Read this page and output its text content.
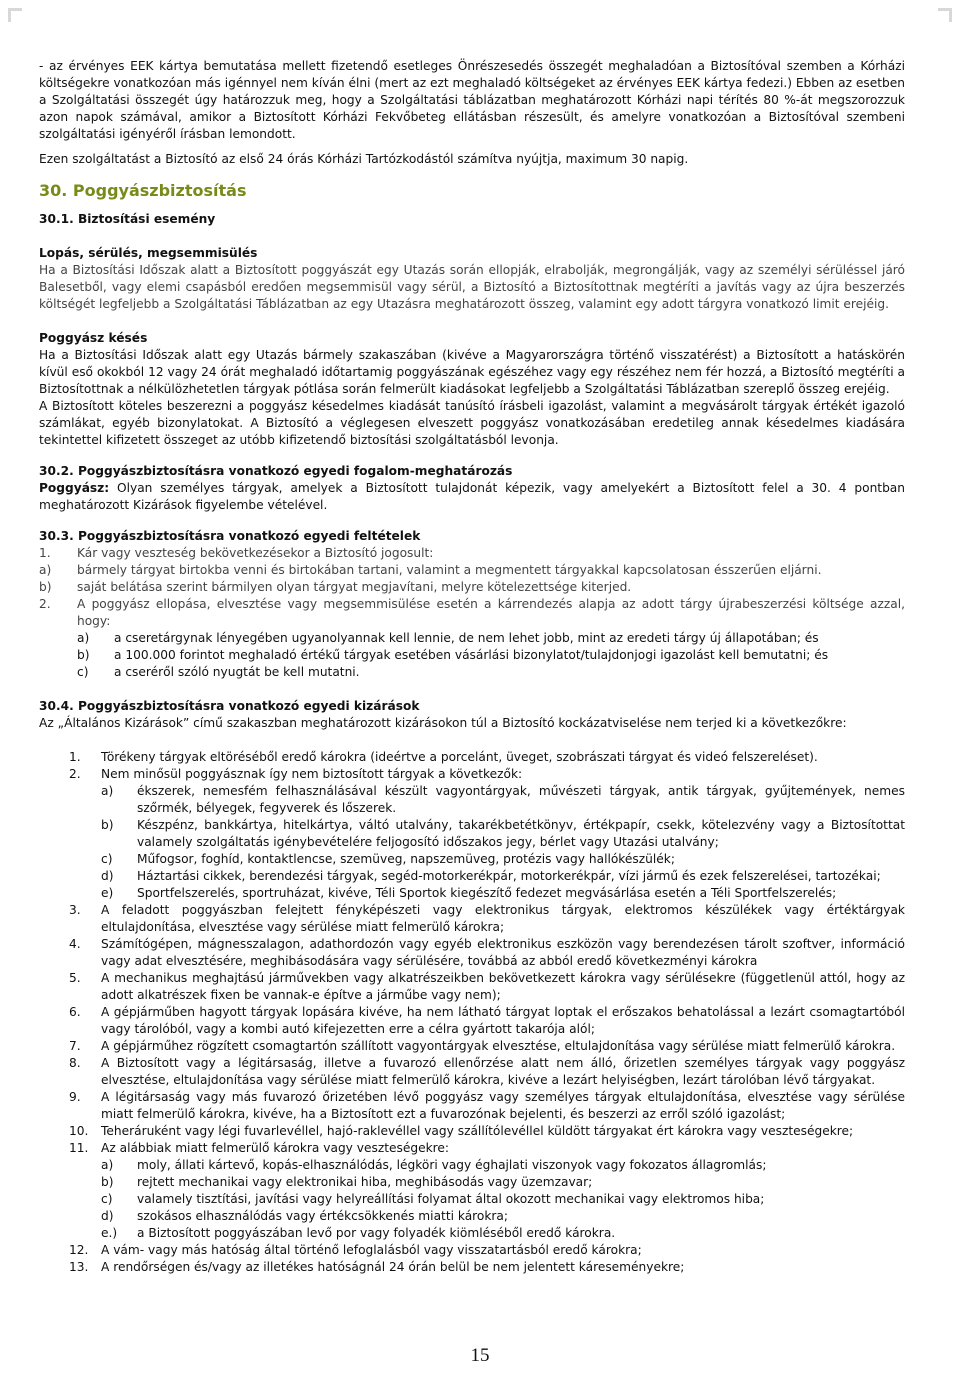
- az érvényes EEK kártya bemutatása mellett fizetendő esetleges Önrészesedés összegét meghaladóan a Biztosítóval szemben a Kórházi költségekre vonatkozóan más igénnyel nem kíván élni (mert az ezt meghaladó költségeket az érvényes EEK kártya fedezi.) Ebben az esetben a Szolgáltatási összegét úgy határozzuk meg, hogy a Szolgáltatási táblázatban meghatározott Kórházi napi térítés 80 %-át megszorozzuk azon napok számával, amikor a Biztosított Kórházi Fekvőbeteg ellátásban részesült, és amelyre vonatkozóan a Biztosítóval szembeni szolgáltatási igényéről írásban lemondott.

Ezen szolgáltatást a Biztosító az első 24 órás Kórházi Tartózkodástól számítva nyújtja, maximum 30 napig.

30. Poggyászbiztosítás
30.1. Biztosítási esemény
Lopás, sérülés, megsemmisülés

Ha a Biztosítási Időszak alatt a Biztosított poggyászát egy Utazás során ellopják, elrabolják, megrongálják, vagy az személyi sérüléssel járó Balesetből, vagy elemi csapásból eredően megsemmisül vagy sérül, a Biztosító a Biztosítottnak megtéríti a javítás vagy az újra beszerzés költségét legfeljebb a Szolgáltatási Táblázatban az egy Utazásra meghatározott összeg, valamint egy adott tárgyra vonatkozó limit erejéig.

Poggyász késés

Ha a Biztosítási Időszak alatt egy Utazás bármely szakaszában (kivéve a Magyarországra történő visszatérést) a Biztosított a hatáskörén kívül eső okokból 12 vagy 24 órát meghaladó időtartamig poggyászának egészéhez vagy egy részéhez nem fér hozzá, a Biztosító megtéríti a Biztosítottnak a nélkülözhetetlen tárgyak pótlása során felmerült kiadásokat legfeljebb a Szolgáltatási Táblázatban szereplő összeg erejéig.

A Biztosított köteles beszerezni a poggyász késedelmes kiadását tanúsító írásbeli igazolást, valamint a megvásárolt tárgyak értékét igazoló számlákat, egyéb bizonylatokat. A Biztosító a véglegesen elveszett poggyász vonatkozásában eredetileg annak késedelmes kiadására tekintettel kifizetett összeget az utóbb kifizetendő biztosítási szolgáltatásból levonja.

30.2. Poggyászbiztosításra vonatkozó egyedi fogalom-meghatározás

Poggyász: Olyan személyes tárgyak, amelyek a Biztosított tulajdonát képezik, vagy amelyekért a Biztosított felel a 30. 4 pontban meghatározott Kizárások figyelembe vételével.

30.3. Poggyászbiztosításra vonatkozó egyedi feltételek
1.	Kár vagy veszteség bekövetkezésekor a Biztosító jogosult:
a)	bármely tárgyat birtokba venni és birtokában tartani, valamint a megmentett tárgyakkal kapcsolatosan ésszerűen eljárni.
b)	saját belátása szerint bármilyen olyan tárgyat megjavítani, melyre kötelezettsége kiterjed.
2.	A poggyász ellopása, elvesztése vagy megsemmisülése esetén a kárrendezés alapja az adott tárgy újrabeszerzési költsége azzal, hogy:
a)	a cseretárgynak lényegében ugyanolyannak kell lennie, de nem lehet jobb, mint az eredeti tárgy új állapotában; és
b)	a 100.000 forintot meghaladó értékű tárgyak esetében vásárlási bizonylatot/tulajdonjogi igazolást kell bemutatni; és
c)	a cseréről szóló nyugtát be kell mutatni.
30.4. Poggyászbiztosításra vonatkozó egyedi kizárások

Az „Általános Kizárások” című szakaszban meghatározott kizárásokon túl a Biztosító kockázatviselése nem terjed ki a következőkre:

1.	Törékeny tárgyak eltöréséből eredő károkra (ideértve a porcelánt, üveget, szobrászati tárgyat és videó felszereléset).
2.	Nem minősül poggyásznak így nem biztosított tárgyak a következők:
a)	ékszerek, nemesfém felhasználásával készült vagyontárgyak, művészeti tárgyak, antik tárgyak, gyűjtemények, nemes szőrmék, bélyegek, fegyverek és lőszerek.
b)	Készpénz, bankkártya, hitelkártya, váltó utalvány, takarékbetétkönyv, értékpapír, csekk, kötelezvény vagy a Biztosítottat valamely szolgáltatás igénybevételére feljogosító időszakos jegy, bérlet vagy Utazási utalvány;
c)	Műfogsor, foghíd, kontaktlencse, szemüveg, napszemüveg, protézis vagy hallókészülék;
d)	Háztartási cikkek, berendezési tárgyak, segéd-motorkerékpár, motorkerékpár, vízi jármű és ezek felszerelései, tartozékai;
e)	Sportfelszerelés, sportruházat, kivéve, Téli Sportok kiegészítő fedezet megvásárlása esetén a Téli Sportfelszerelés;
3.	A feladott poggyászban felejtett fényképészeti vagy elektronikus tárgyak, elektromos készülékek vagy értéktárgyak eltulajdonítása, elvesztése vagy sérülése miatt felmerülő károkra;
4.	Számítógépen, mágnesszalagon, adathordozón vagy egyéb elektronikus eszközön vagy berendezésen tárolt szoftver, információ vagy adat elvesztésére, meghibásodására vagy sérülésére, továbbá az abból eredő következményi károkra
5.	A mechanikus meghajtású járművekben vagy alkatrészeikben bekövetkezett károkra vagy sérülésekre (függetlenül attól, hogy az adott alkatrészek fixen be vannak-e építve a járműbe vagy nem);
6.	A gépjárműben hagyott tárgyak lopására kivéve, ha nem látható tárgyat loptak el erőszakos behatolással a lezárt csomagtartóból vagy tárolóból, vagy a kombi autó kifejezetten erre a célra gyártott takarója alól;
7.	A gépjárműhez rögzített csomagtartón szállított vagyontárgyak elvesztése, eltulajdonítása vagy sérülése miatt felmerülő károkra.
8.	A Biztosított vagy a légitársaság, illetve a fuvarozó ellenőrzése alatt nem álló, őrizetlen személyes tárgyak vagy poggyász elvesztése, eltulajdonítása vagy sérülése miatt felmerülő károkra, kivéve a lezárt helyiségben, lezárt tárolóban lévő tárgyakat.
9.	A légitársaság vagy más fuvarozó őrizetében lévő poggyász vagy személyes tárgyak eltulajdonítása, elvesztése vagy sérülése miatt felmerülő károkra, kivéve, ha a Biztosított ezt a fuvarozónak bejelenti, és beszerzi az erről szóló igazolást;
10.	Teheráruként vagy légi fuvarlevéllel, hajó-raklevéllel vagy szállítólevéllel küldött tárgyakat ért károkra vagy veszteségekre;
11.	Az alábbiak miatt felmerülő károkra vagy veszteségekre:
a)	moly, állati kártevő, kopás-elhasználódás, légköri vagy éghajlati viszonyok vagy fokozatos állagromlás;
b)	rejtett mechanikai vagy elektronikai hiba, meghibásodás vagy üzemzavar;
c)	valamely tisztítási, javítási vagy helyreállítási folyamat által okozott mechanikai vagy elektromos hiba;
d)	szokásos elhasználódás vagy értékcsökkenés miatti károkra;
e.)	a Biztosított poggyászában levő por vagy folyadék kiömléséből eredő károkra.
12.	A vám- vagy más hatóság által történő lefoglalásból vagy visszatartásból eredő károkra;
13.	A rendőrségen és/vagy az illetékes hatóságnál 24 órán belül be nem jelentett káreseményekre;
15
